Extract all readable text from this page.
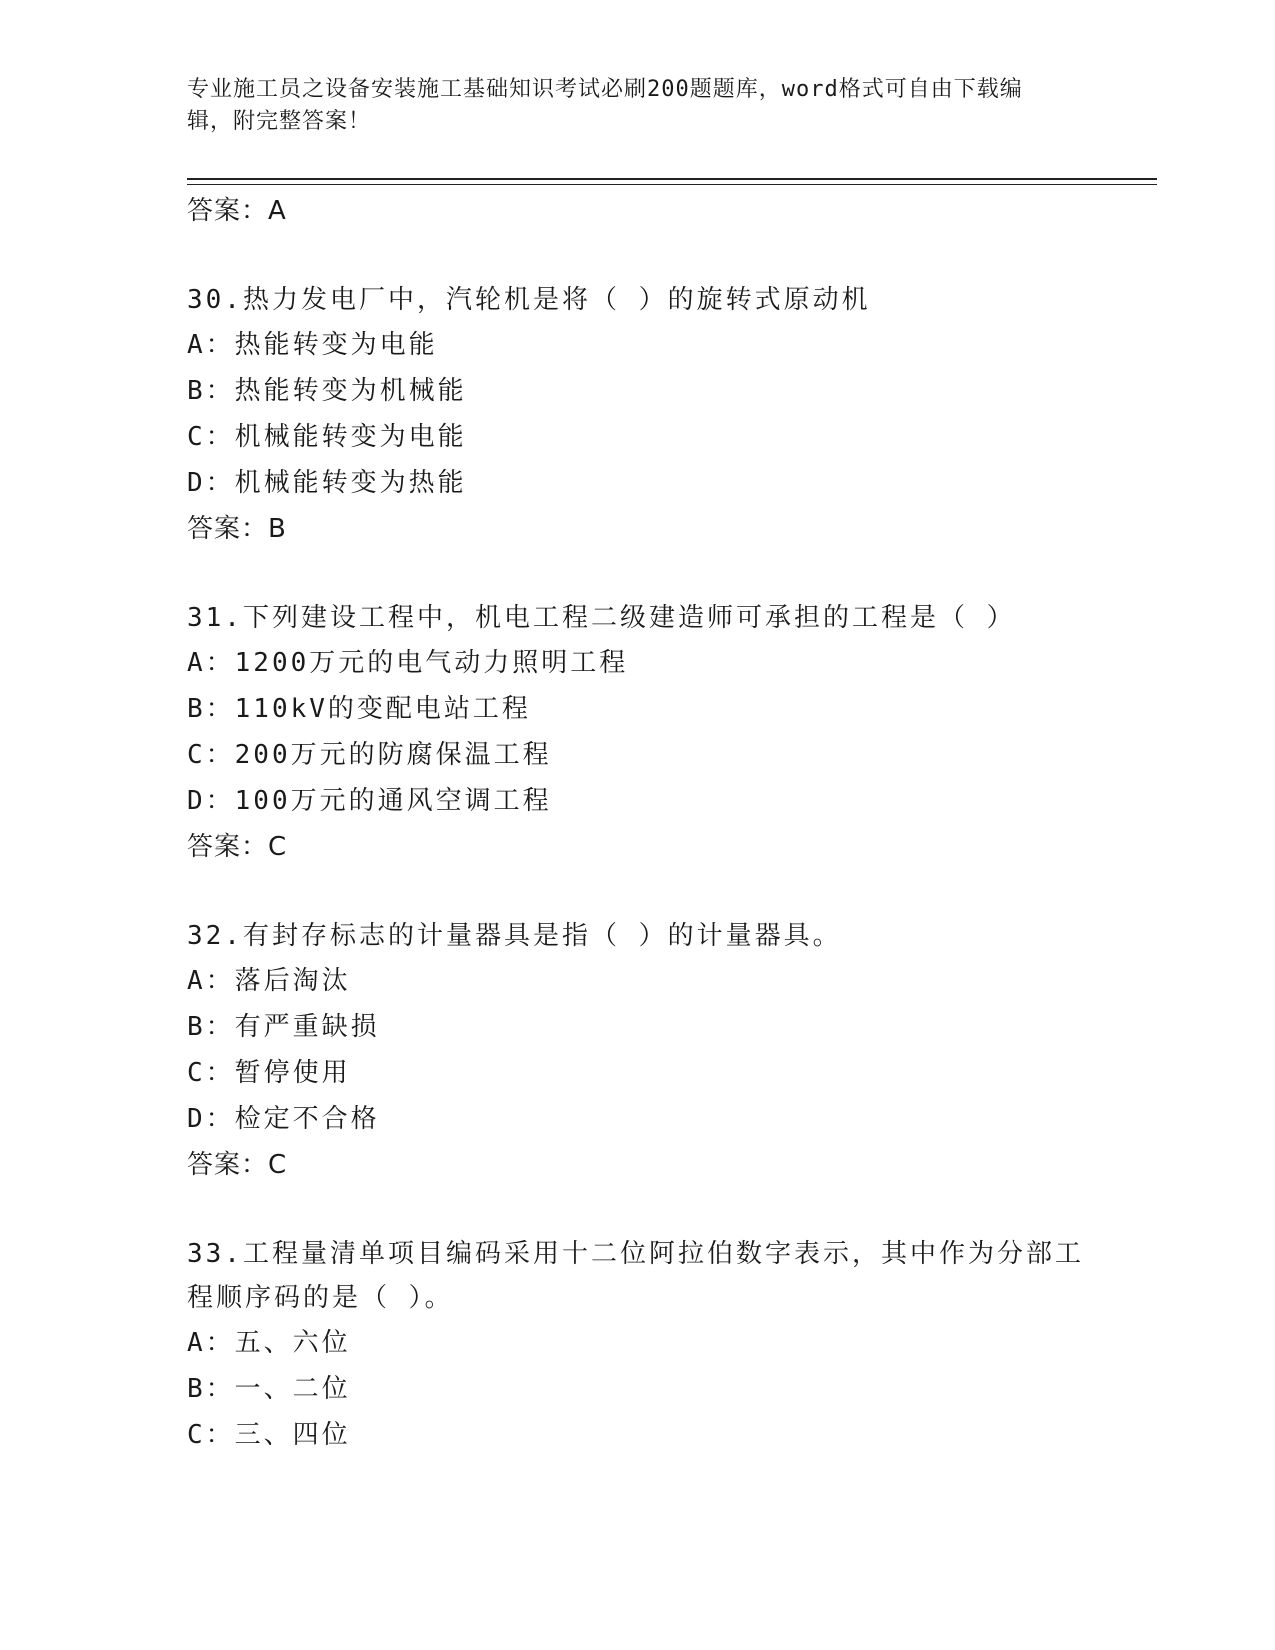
专业施工员之设备安装施工基础知识考试必刷200题题库，word格式可自由下载编辑，附完整答案！

答案：A

30.热力发电厂中，汽轮机是将（ ）的旋转式原动机

A：热能转变为电能

B：热能转变为机械能

C：机械能转变为电能

D：机械能转变为热能

答案：B

31.下列建设工程中，机电工程二级建造师可承担的工程是（ ）

A：1200万元的电气动力照明工程

B：110kV的变配电站工程

C：200万元的防腐保温工程

D：100万元的通风空调工程

答案：C

32.有封存标志的计量器具是指（ ）的计量器具。

A：落后淘汰

B：有严重缺损

C：暂停使用

D：检定不合格

答案：C

33.工程量清单项目编码采用十二位阿拉伯数字表示，其中作为分部工程顺序码的是（ ）。

A：五、六位

B：一、二位

C：三、四位
